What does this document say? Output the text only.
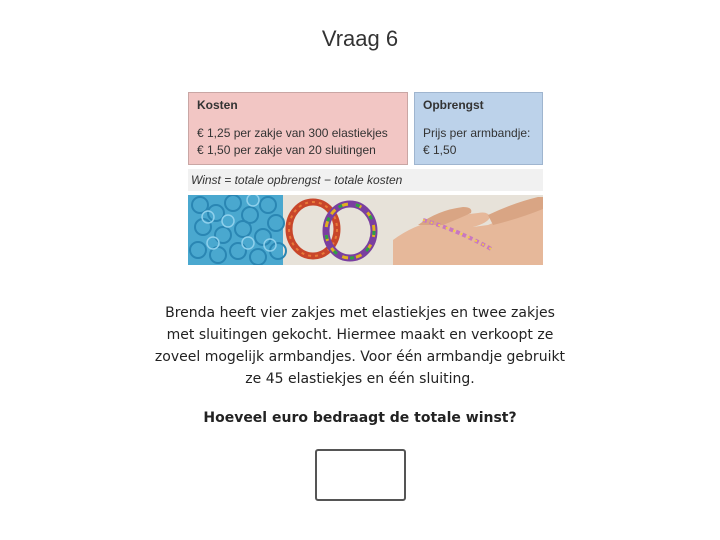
Vraag 6
Kosten
€ 1,25 per zakje van 300 elastiekjes
€ 1,50 per zakje van 20 sluitingen
Opbrengst
Prijs per armbandje:
€ 1,50
Winst = totale opbrengst − totale kosten
Brenda heeft vier zakjes met elastiekjes en twee zakjes met sluitingen gekocht. Hiermee maakt en verkoopt ze zoveel mogelijk armbandjes. Voor één armbandje gebruikt ze 45 elastiekjes en één sluiting.
Hoeveel euro bedraagt de totale winst?
